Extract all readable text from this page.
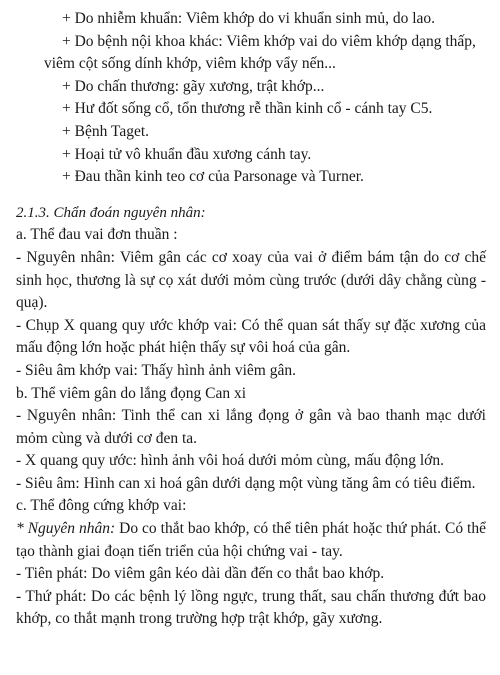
+ Do nhiễm khuẩn: Viêm khớp do vi khuẩn sinh mủ, do lao.

+ Do bệnh nội khoa khác: Viêm khớp vai do viêm khớp dạng thấp, viêm cột sống dính khớp, viêm khớp vẩy nến...

+ Do chấn thương: gãy xương, trật khớp...

+ Hư đốt sống cổ, tổn thương rễ thần kinh cổ - cánh tay C5.

+ Bệnh Taget.

+ Hoại tử vô khuẩn đầu xương cánh tay.

+ Đau thần kinh teo cơ của Parsonage và Turner.

2.1.3. Chẩn đoán nguyên nhân:

a. Thể đau vai đơn thuần :

- Nguyên nhân: Viêm gân các cơ xoay của vai ở điểm bám tận do cơ chế sinh học, thương là sự cọ xát dưới mỏm cùng trước (dưới dây chằng cùng - quạ).

- Chụp X quang quy ước khớp vai: Có thể quan sát thấy sự đặc xương của mấu động lớn hoặc phát hiện thấy sự vôi hoá của gân.

- Siêu âm khớp vai: Thấy hình ảnh viêm gân.

b. Thể viêm gân do lắng đọng Can xi

- Nguyên nhân: Tinh thể can xi lắng đọng ở gân và bao thanh mạc dưới mỏm cùng và dưới cơ đen ta.

- X quang quy ước: hình ảnh vôi hoá dưới mỏm cùng, mấu động lớn.

- Siêu âm: Hình can xi hoá gân dưới dạng một vùng tăng âm có tiêu điểm.

c. Thể đông cứng khớp vai:

* Nguyên nhân: Do co thắt bao khớp, có thể tiên phát hoặc thứ phát. Có thể tạo thành giai đoạn tiến triển của hội chứng vai - tay.

- Tiên phát: Do viêm gân kéo dài dần đến co thắt bao khớp.

- Thứ phát: Do các bệnh lý lồng ngực, trung thất, sau chấn thương đứt bao khớp, co thắt mạnh trong trường hợp trật khớp, gãy xương.
